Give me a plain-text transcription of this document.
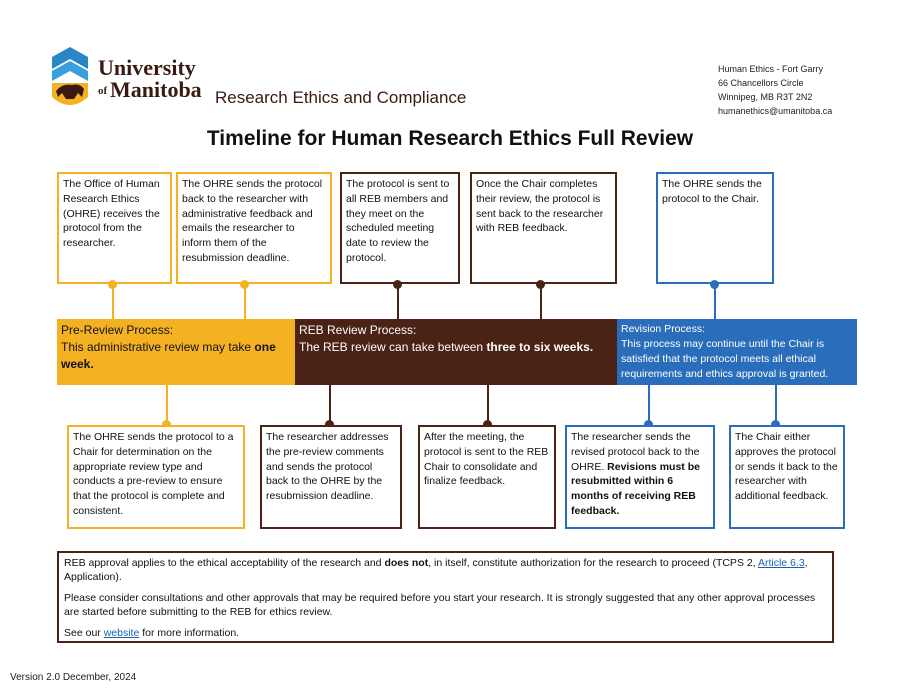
University
of Manitoba Research Ethics and Compliance
Human Ethics - Fort Garry
66 Chancellors Circle
Winnipeg, MB R3T 2N2
humanethics@umanitoba.ca
Timeline for Human Research Ethics Full Review
The Office of Human Research Ethics (OHRE) receives the protocol from the researcher.
The OHRE sends the protocol back to the researcher with administrative feedback and emails the researcher to inform them of the resubmission deadline.
The protocol is sent to all REB members and they meet on the scheduled meeting date to review the protocol.
Once the Chair completes their review, the protocol is sent back to the researcher with REB feedback.
The OHRE sends the protocol to the Chair.
Pre-Review Process:
This administrative review may take one week.
REB Review Process:
The REB review can take between three to six weeks.
Revision Process:
This process may continue until the Chair is satisfied that the protocol meets all ethical requirements and ethics approval is granted.
The OHRE sends the protocol to a Chair for determination on the appropriate review type and conducts a pre-review to ensure that the protocol is complete and consistent.
The researcher addresses the pre-review comments and sends the protocol back to the OHRE by the resubmission deadline.
After the meeting, the protocol is sent to the REB Chair to consolidate and finalize feedback.
The researcher sends the revised protocol back to the OHRE. Revisions must be resubmitted within 6 months of receiving REB feedback.
The Chair either approves the protocol or sends it back to the researcher with additional feedback.

REB approval applies to the ethical acceptability of the research and does not, in itself, constitute authorization for the research to proceed (TCPS 2, Article 6.3, Application).

Please consider consultations and other approvals that may be required before you start your research. It is strongly suggested that any other approval processes are started before submitting to the REB for ethics review.

See our website for more information.

Version 2.0 December, 2024
